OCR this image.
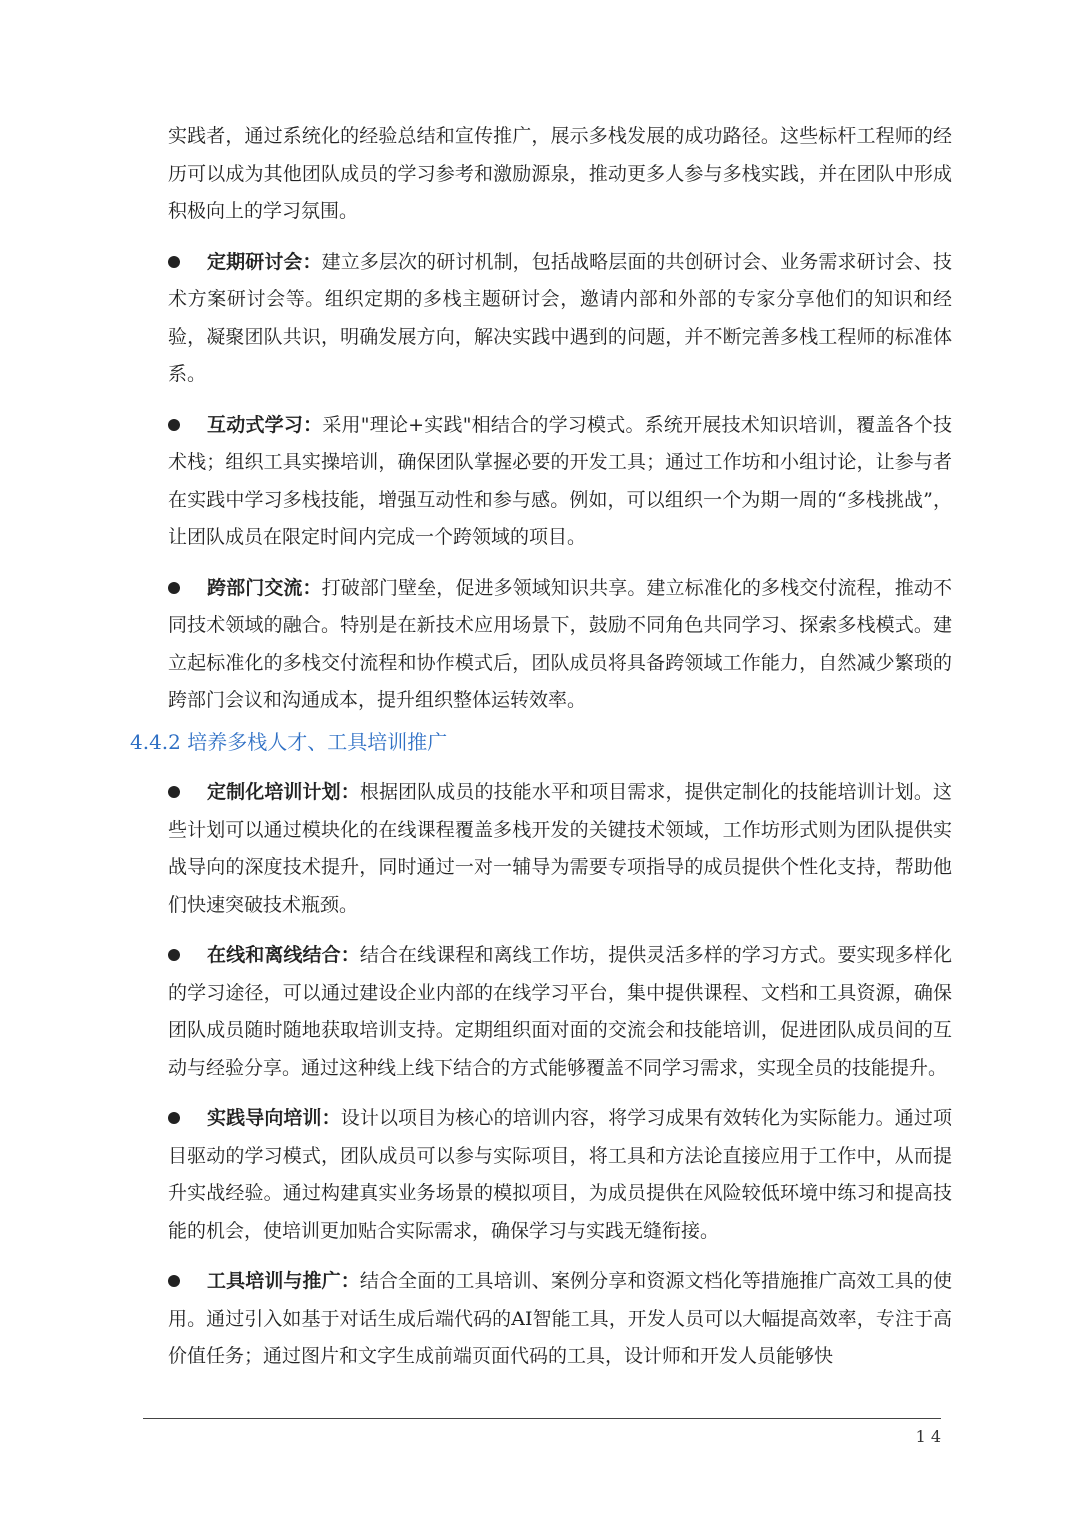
实践者，通过系统化的经验总结和宣传推广，展示多栈发展的成功路径。这些标杆工程师的经历可以成为其他团队成员的学习参考和激励源泉，推动更多人参与多栈实践，并在团队中形成积极向上的学习氛围。

定期研讨会：建立多层次的研讨机制，包括战略层面的共创研讨会、业务需求研讨会、技术方案研讨会等。组织定期的多栈主题研讨会，邀请内部和外部的专家分享他们的知识和经验，凝聚团队共识，明确发展方向，解决实践中遇到的问题，并不断完善多栈工程师的标准体系。

互动式学习：采用"理论+实践"相结合的学习模式。系统开展技术知识培训，覆盖各个技术栈；组织工具实操培训，确保团队掌握必要的开发工具；通过工作坊和小组讨论，让参与者在实践中学习多栈技能，增强互动性和参与感。例如，可以组织一个为期一周的“多栈挑战”，让团队成员在限定时间内完成一个跨领域的项目。

跨部门交流：打破部门壁垒，促进多领域知识共享。建立标准化的多栈交付流程，推动不同技术领域的融合。特别是在新技术应用场景下，鼓励不同角色共同学习、探索多栈模式。建立起标准化的多栈交付流程和协作模式后，团队成员将具备跨领域工作能力，自然减少繁琐的跨部门会议和沟通成本，提升组织整体运转效率。

4.4.2 培养多栈人才、工具培训推广

定制化培训计划：根据团队成员的技能水平和项目需求，提供定制化的技能培训计划。这些计划可以通过模块化的在线课程覆盖多栈开发的关键技术领域，工作坊形式则为团队提供实战导向的深度技术提升，同时通过一对一辅导为需要专项指导的成员提供个性化支持，帮助他们快速突破技术瓶颈。

在线和离线结合：结合在线课程和离线工作坊，提供灵活多样的学习方式。要实现多样化的学习途径，可以通过建设企业内部的在线学习平台，集中提供课程、文档和工具资源，确保团队成员随时随地获取培训支持。定期组织面对面的交流会和技能培训，促进团队成员间的互动与经验分享。通过这种线上线下结合的方式能够覆盖不同学习需求，实现全员的技能提升。

实践导向培训：设计以项目为核心的培训内容，将学习成果有效转化为实际能力。通过项目驱动的学习模式，团队成员可以参与实际项目，将工具和方法论直接应用于工作中，从而提升实战经验。通过构建真实业务场景的模拟项目，为成员提供在风险较低环境中练习和提高技能的机会，使培训更加贴合实际需求，确保学习与实践无缝衔接。

工具培训与推广：结合全面的工具培训、案例分享和资源文档化等措施推广高效工具的使用。通过引入如基于对话生成后端代码的AI智能工具，开发人员可以大幅提高效率，专注于高价值任务；通过图片和文字生成前端页面代码的工具，设计师和开发人员能够快

14
